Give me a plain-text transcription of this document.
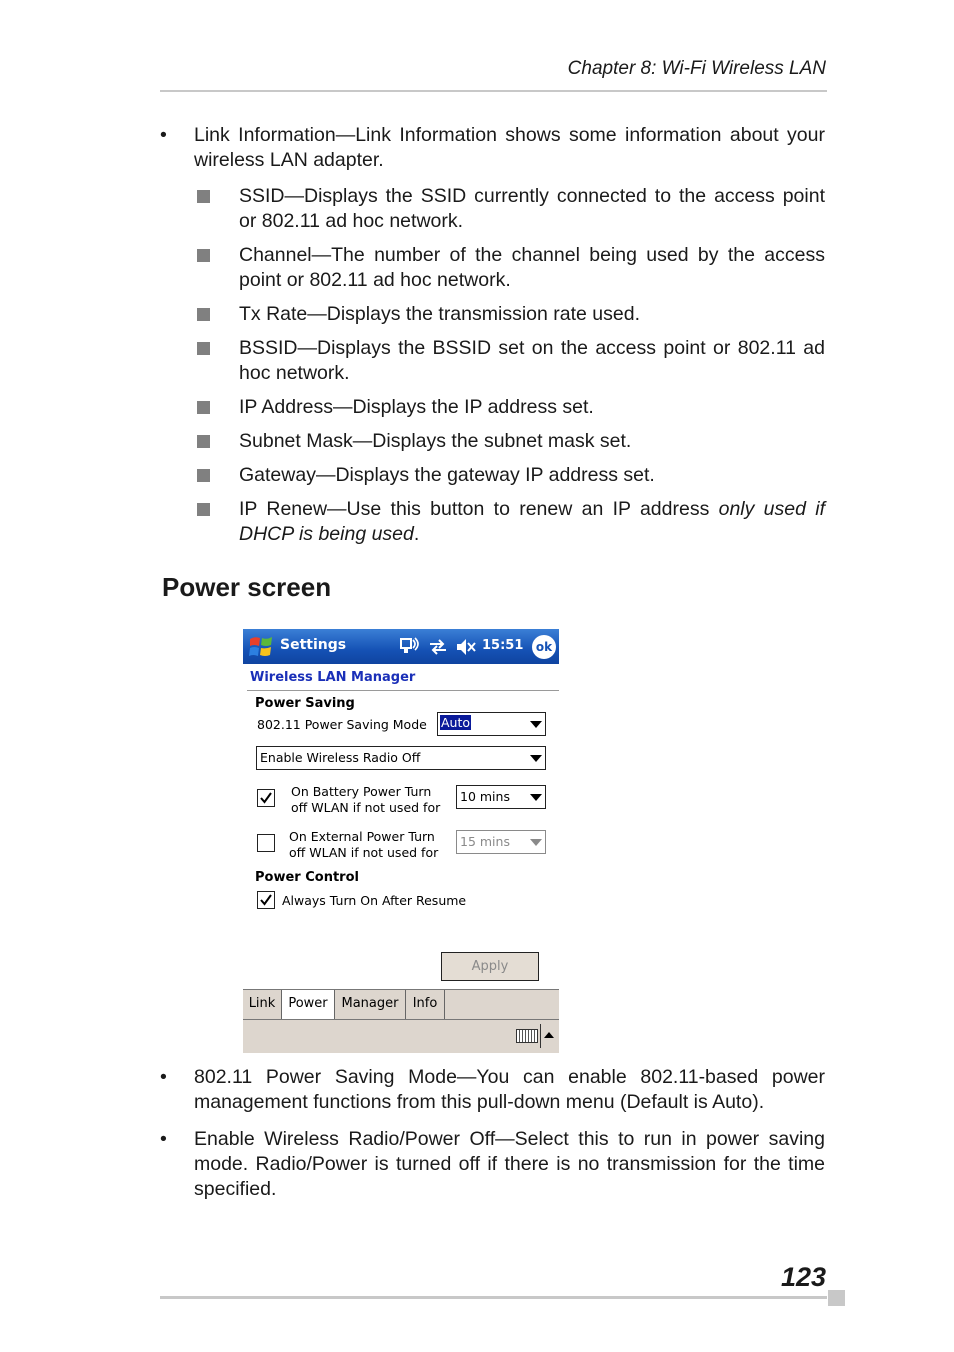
Chapter 8: Wi-Fi Wireless LAN
• Link Information—Link Information shows some information about your wireless LAN adapter.
SSID—Displays the SSID currently connected to the access point or 802.11 ad hoc network.
Channel—The number of the channel being used by the access point or 802.11 ad hoc network.
Tx Rate—Displays the transmission rate used.
BSSID—Displays the BSSID set on the access point or 802.11 ad hoc network.
IP Address—Displays the IP address set.
Subnet Mask—Displays the subnet mask set.
Gateway—Displays the gateway IP address set.
IP Renew—Use this button to renew an IP address only used if DHCP is being used.
Power screen
Settings	15:51	ok
Wireless LAN Manager
Power Saving
802.11 Power Saving Mode Auto
Enable Wireless Radio Off
On Battery Power Turn
off WLAN if not used for
10 mins
On External Power Turn
off WLAN if not used for
15 mins
Power Control
Always Turn On After Resume
Apply
Link	Power	Manager	Info
• 802.11 Power Saving Mode—You can enable 802.11-based power management functions from this pull-down menu (Default is Auto).
• Enable Wireless Radio/Power Off—Select this to run in power saving mode. Radio/Power is turned off if there is no transmission for the time specified.
123
